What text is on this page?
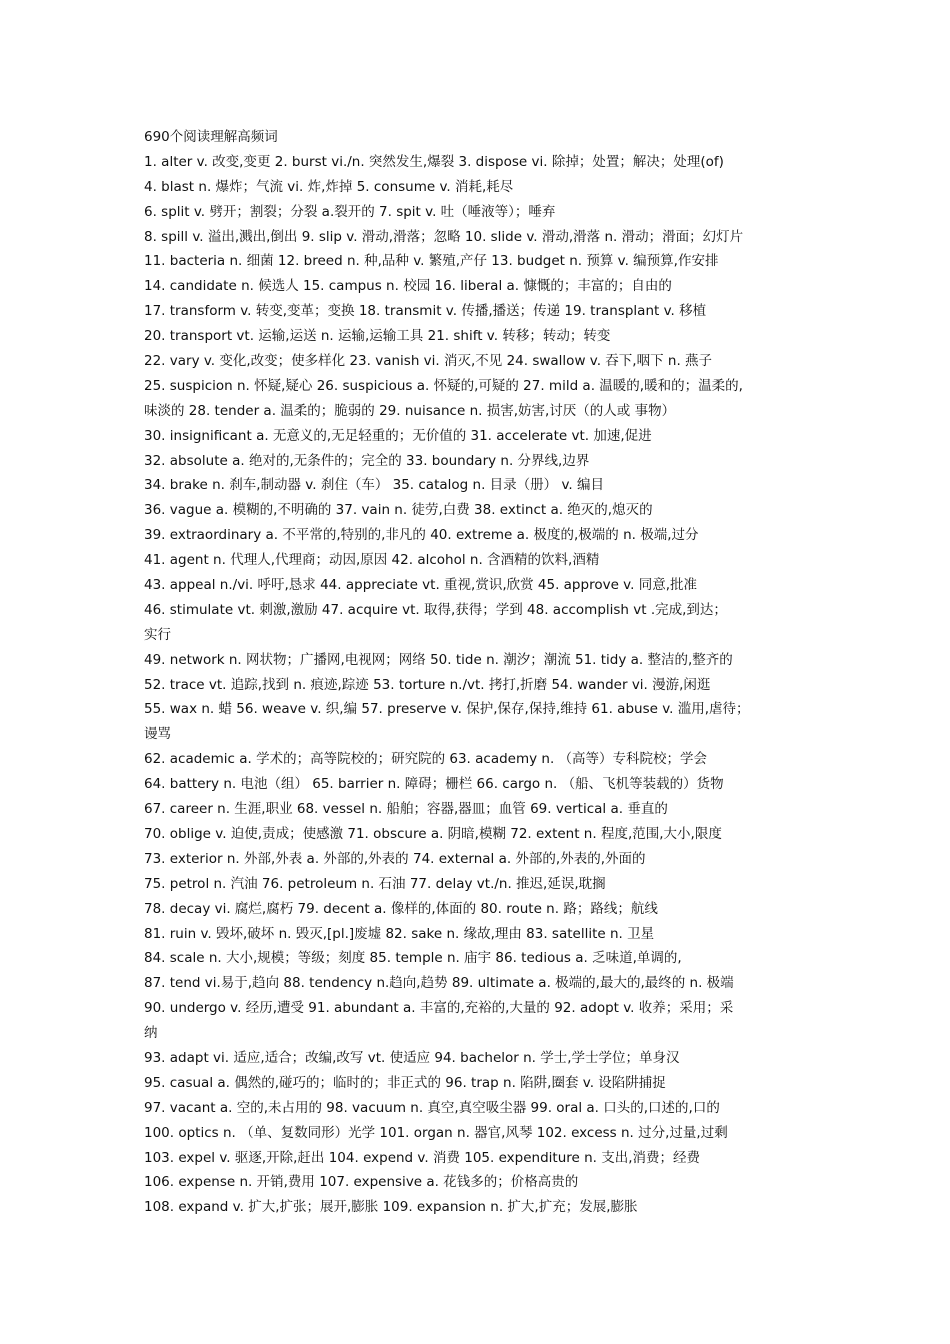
690个阅读理解高频词
1. alter v. 改变,变更 2. burst vi./n. 突然发生,爆裂 3. dispose vi. 除掉；处置；解决；处理(of)
4. blast n. 爆炸；气流 vi. 炸,炸掉 5. consume v. 消耗,耗尽
6. split v. 劈开；割裂；分裂 a.裂开的 7. spit v. 吐（唾液等）；唾弃
8. spill v. 溢出,溅出,倒出 9. slip v. 滑动,滑落；忽略 10. slide v. 滑动,滑落 n. 滑动；滑面；幻灯片
11. bacteria n. 细菌 12. breed n. 种,品种 v. 繁殖,产仔 13. budget n. 预算 v. 编预算,作安排
14. candidate n. 候选人 15. campus n. 校园 16. liberal a. 慷慨的；丰富的；自由的
17. transform v. 转变,变革；变换 18. transmit v. 传播,播送；传递 19. transplant v. 移植
20. transport vt. 运输,运送 n. 运输,运输工具 21. shift v. 转移；转动；转变
22. vary v. 变化,改变；使多样化 23. vanish vi. 消灭,不见 24. swallow v. 吞下,咽下 n. 燕子
25. suspicion n. 怀疑,疑心 26. suspicious a. 怀疑的,可疑的 27. mild a. 温暖的,暖和的；温柔的,
味淡的 28. tender a. 温柔的；脆弱的 29. nuisance n. 损害,妨害,讨厌（的人或 事物）
30. insignificant a. 无意义的,无足轻重的；无价值的 31. accelerate vt. 加速,促进
32. absolute a. 绝对的,无条件的；完全的 33. boundary n. 分界线,边界
34. brake n. 刹车,制动器 v. 刹住（车） 35. catalog n. 目录（册） v. 编目
36. vague a. 模糊的,不明确的 37. vain n. 徒劳,白费 38. extinct a. 绝灭的,熄灭的
39. extraordinary a. 不平常的,特别的,非凡的 40. extreme a. 极度的,极端的 n. 极端,过分
41. agent n. 代理人,代理商；动因,原因 42. alcohol n. 含酒精的饮料,酒精
43. appeal n./vi. 呼吁,恳求 44. appreciate vt. 重视,赏识,欣赏 45. approve v. 同意,批准
46. stimulate vt. 刺激,激励 47. acquire vt. 取得,获得；学到 48. accomplish vt .完成,到达；
实行
49. network n. 网状物；广播网,电视网；网络 50. tide n. 潮汐；潮流 51. tidy a. 整洁的,整齐的
52. trace vt. 追踪,找到 n. 痕迹,踪迹 53. torture n./vt. 拷打,折磨 54. wander vi. 漫游,闲逛
55. wax n. 蜡 56. weave v. 织,编 57. preserve v. 保护,保存,保持,维持 61. abuse v. 滥用,虐待；
谩骂
62. academic a. 学术的；高等院校的；研究院的 63. academy n. （高等）专科院校；学会
64. battery n. 电池（组） 65. barrier n. 障碍；栅栏 66. cargo n. （船、飞机等装载的）货物
67. career n. 生涯,职业 68. vessel n. 船舶；容器,器皿；血管 69. vertical a. 垂直的
70. oblige v. 迫使,责成；使感激 71. obscure a. 阴暗,模糊 72. extent n. 程度,范围,大小,限度
73. exterior n. 外部,外表 a. 外部的,外表的 74. external a. 外部的,外表的,外面的
75. petrol n. 汽油 76. petroleum n. 石油 77. delay vt./n. 推迟,延误,耽搁
78. decay vi. 腐烂,腐朽 79. decent a. 像样的,体面的 80. route n. 路；路线；航线
81. ruin v. 毁坏,破坏 n. 毁灭,[pl.]废墟 82. sake n. 缘故,理由 83. satellite n. 卫星
84. scale n. 大小,规模；等级；刻度 85. temple n. 庙宇 86. tedious a. 乏味道,单调的,
87. tend vi.易于,趋向 88. tendency n.趋向,趋势 89. ultimate a. 极端的,最大的,最终的 n. 极端
90. undergo v. 经历,遭受 91. abundant a. 丰富的,充裕的,大量的 92. adopt v. 收养；采用；采
纳
93. adapt vi. 适应,适合；改编,改写 vt. 使适应 94. bachelor n. 学士,学士学位；单身汉
95. casual a. 偶然的,碰巧的；临时的；非正式的 96. trap n. 陷阱,圈套 v. 设陷阱捕捉
97. vacant a. 空的,未占用的 98. vacuum n. 真空,真空吸尘器 99. oral a. 口头的,口述的,口的
100. optics n. （单、复数同形）光学 101. organ n. 器官,风琴 102. excess n. 过分,过量,过剩
103. expel v. 驱逐,开除,赶出 104. expend v. 消费 105. expenditure n. 支出,消费；经费
106. expense n. 开销,费用 107. expensive a. 花钱多的；价格高贵的
108. expand v. 扩大,扩张；展开,膨胀 109. expansion n. 扩大,扩充；发展,膨胀
